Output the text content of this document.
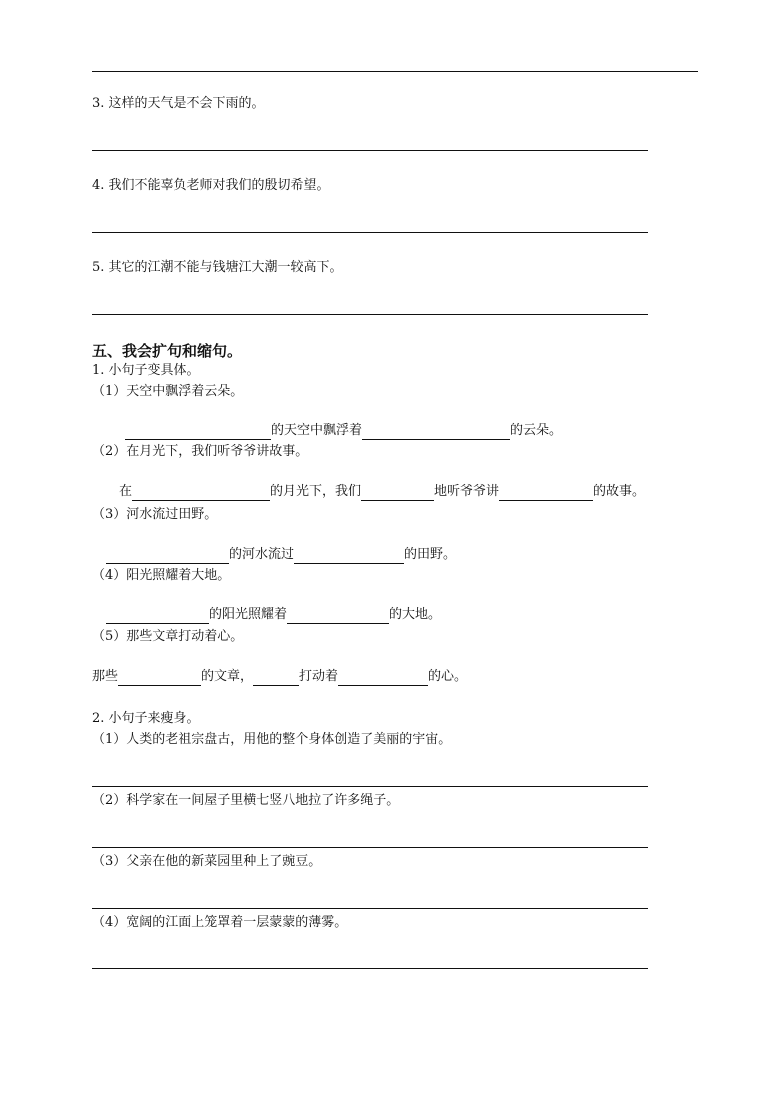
3. 这样的天气是不会下雨的。
4. 我们不能辜负老师对我们的殷切希望。
5. 其它的江潮不能与钱塘江大潮一较高下。
五、我会扩句和缩句。
1. 小句子变具体。
（1）天空中飘浮着云朵。
的天空中飘浮着	的云朵。
（2）在月光下，我们听爷爷讲故事。
在	的月光下，我们	地听爷爷讲	的故事。
（3）河水流过田野。
的河水流过	的田野。
（4）阳光照耀着大地。
的阳光照耀着	的大地。
（5）那些文章打动着心。
那些	的文章，	打动着	的心。
2. 小句子来瘦身。
（1）人类的老祖宗盘古，用他的整个身体创造了美丽的宇宙。
（2）科学家在一间屋子里横七竖八地拉了许多绳子。
（3）父亲在他的新菜园里种上了豌豆。
（4）宽阔的江面上笼罩着一层蒙蒙的薄雾。
